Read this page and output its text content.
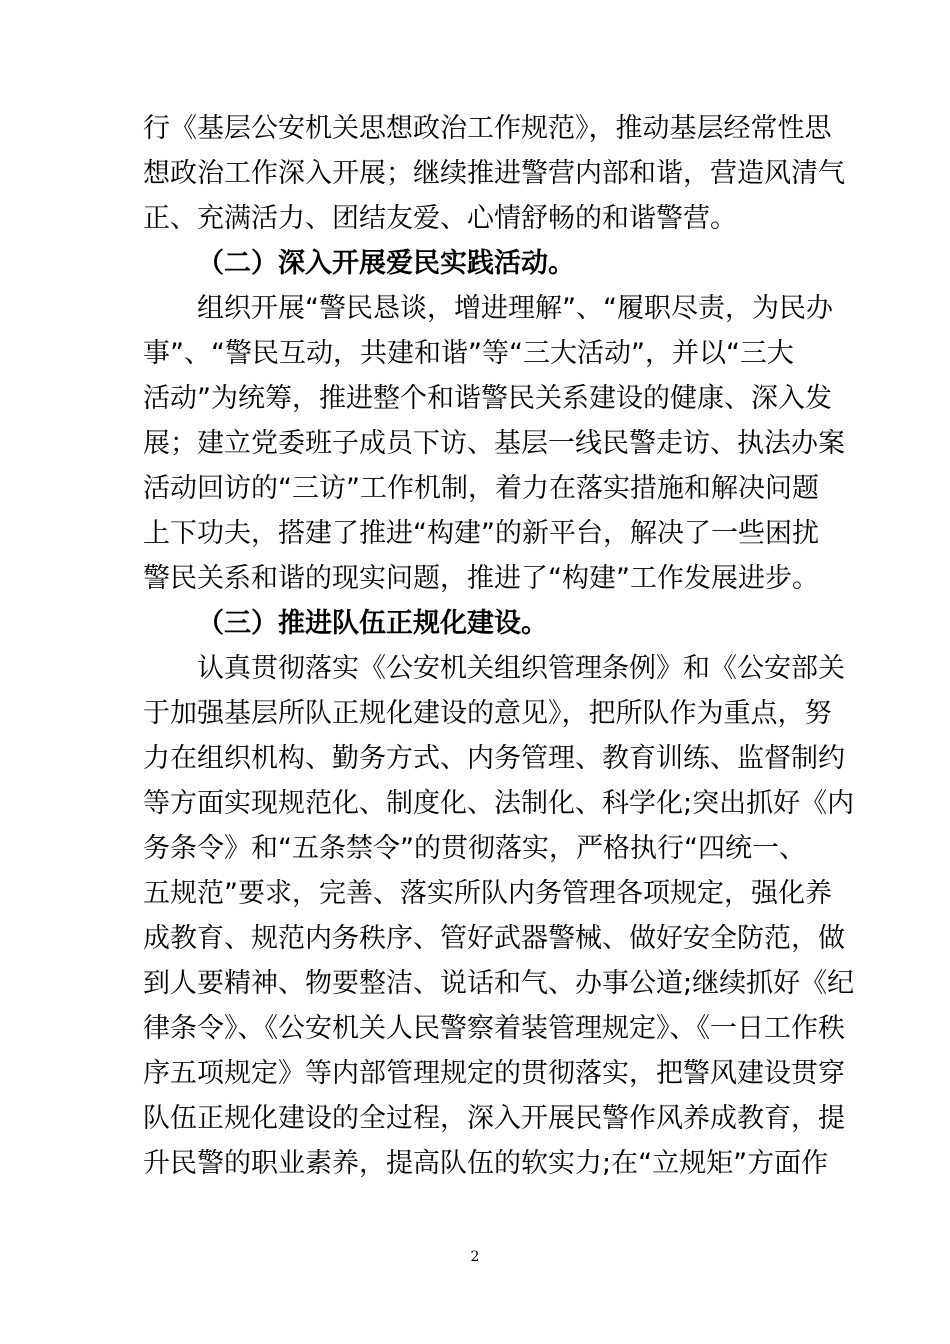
行《基层公安机关思想政治工作规范》，推动基层经常性思
想政治工作深入开展；继续推进警营内部和谐，营造风清气
正、充满活力、团结友爱、心情舒畅的和谐警营。
（二）深入开展爱民实践活动。
组织开展“警民恳谈，增进理解”、“履职尽责，为民办
事”、“警民互动，共建和谐”等“三大活动”，并以“三大
活动”为统筹，推进整个和谐警民关系建设的健康、深入发
展；建立党委班子成员下访、基层一线民警走访、执法办案
活动回访的“三访”工作机制，着力在落实措施和解决问题
上下功夫，搭建了推进“构建”的新平台，解决了一些困扰
警民关系和谐的现实问题，推进了“构建”工作发展进步。
（三）推进队伍正规化建设。
认真贯彻落实《公安机关组织管理条例》和《公安部关
于加强基层所队正规化建设的意见》，把所队作为重点，努
力在组织机构、勤务方式、内务管理、教育训练、监督制约
等方面实现规范化、制度化、法制化、科学化;突出抓好《内
务条令》和“五条禁令”的贯彻落实，严格执行“四统一、
五规范”要求，完善、落实所队内务管理各项规定，强化养
成教育、规范内务秩序、管好武器警械、做好安全防范，做
到人要精神、物要整洁、说话和气、办事公道;继续抓好《纪
律条令》、《公安机关人民警察着装管理规定》、《一日工作秩
序五项规定》等内部管理规定的贯彻落实，把警风建设贯穿
队伍正规化建设的全过程，深入开展民警作风养成教育，提
升民警的职业素养，提高队伍的软实力;在“立规矩”方面作
2
